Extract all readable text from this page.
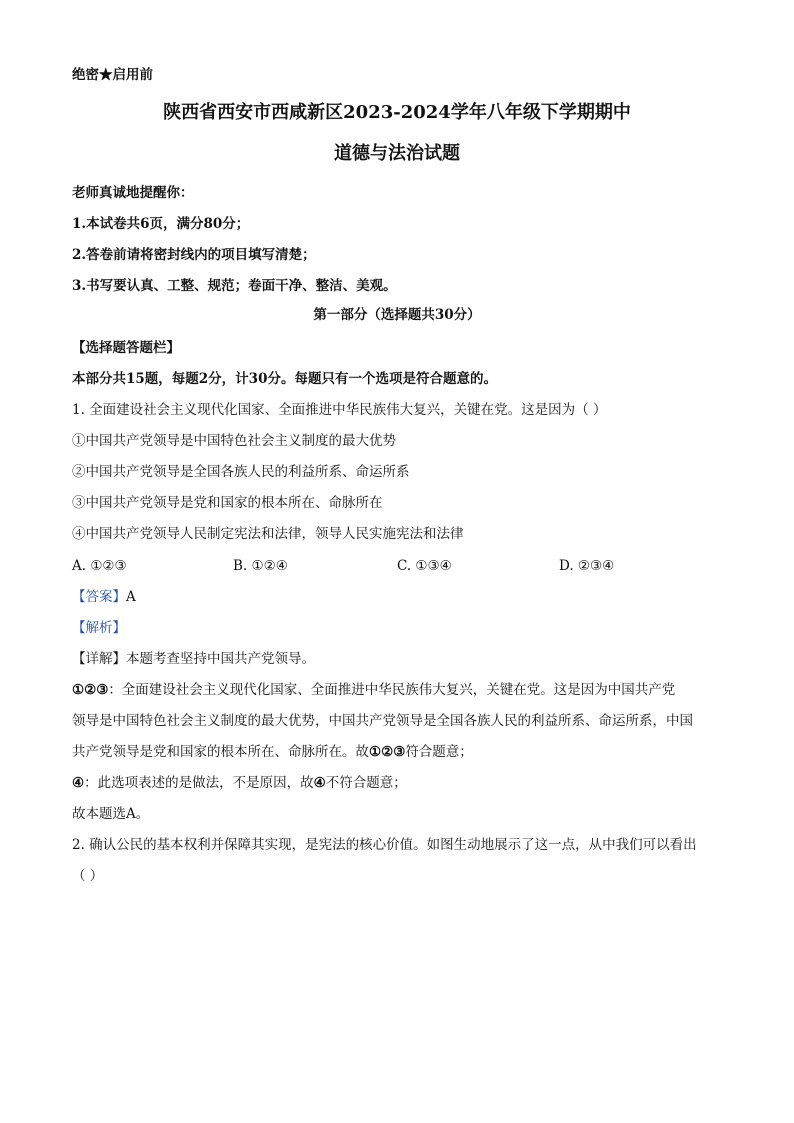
绝密★启用前
陕西省西安市西咸新区2023-2024学年八年级下学期期中
道德与法治试题
老师真诚地提醒你：
1.本试卷共6页，满分80分；
2.答卷前请将密封线内的项目填写清楚；
3.书写要认真、工整、规范；卷面干净、整洁、美观。
第一部分（选择题共30分）
【选择题答题栏】
本部分共15题，每题2分，计30分。每题只有一个选项是符合题意的。
1. 全面建设社会主义现代化国家、全面推进中华民族伟大复兴，关键在党。这是因为（ ）
①中国共产党领导是中国特色社会主义制度的最大优势
②中国共产党领导是全国各族人民的利益所系、命运所系
③中国共产党领导是党和国家的根本所在、命脉所在
④中国共产党领导人民制定宪法和法律，领导人民实施宪法和法律
A. ①②③	B. ①②④	C. ①③④	D. ②③④
【答案】A
【解析】
【详解】本题考查坚持中国共产党领导。
①②③：全面建设社会主义现代化国家、全面推进中华民族伟大复兴，关键在党。这是因为中国共产党
领导是中国特色社会主义制度的最大优势，中国共产党领导是全国各族人民的利益所系、命运所系，中国
共产党领导是党和国家的根本所在、命脉所在。故①②③符合题意；
④：此选项表述的是做法，不是原因，故④不符合题意；
故本题选A。
2. 确认公民的基本权利并保障其实现，是宪法的核心价值。如图生动地展示了这一点，从中我们可以看出
（ ）
